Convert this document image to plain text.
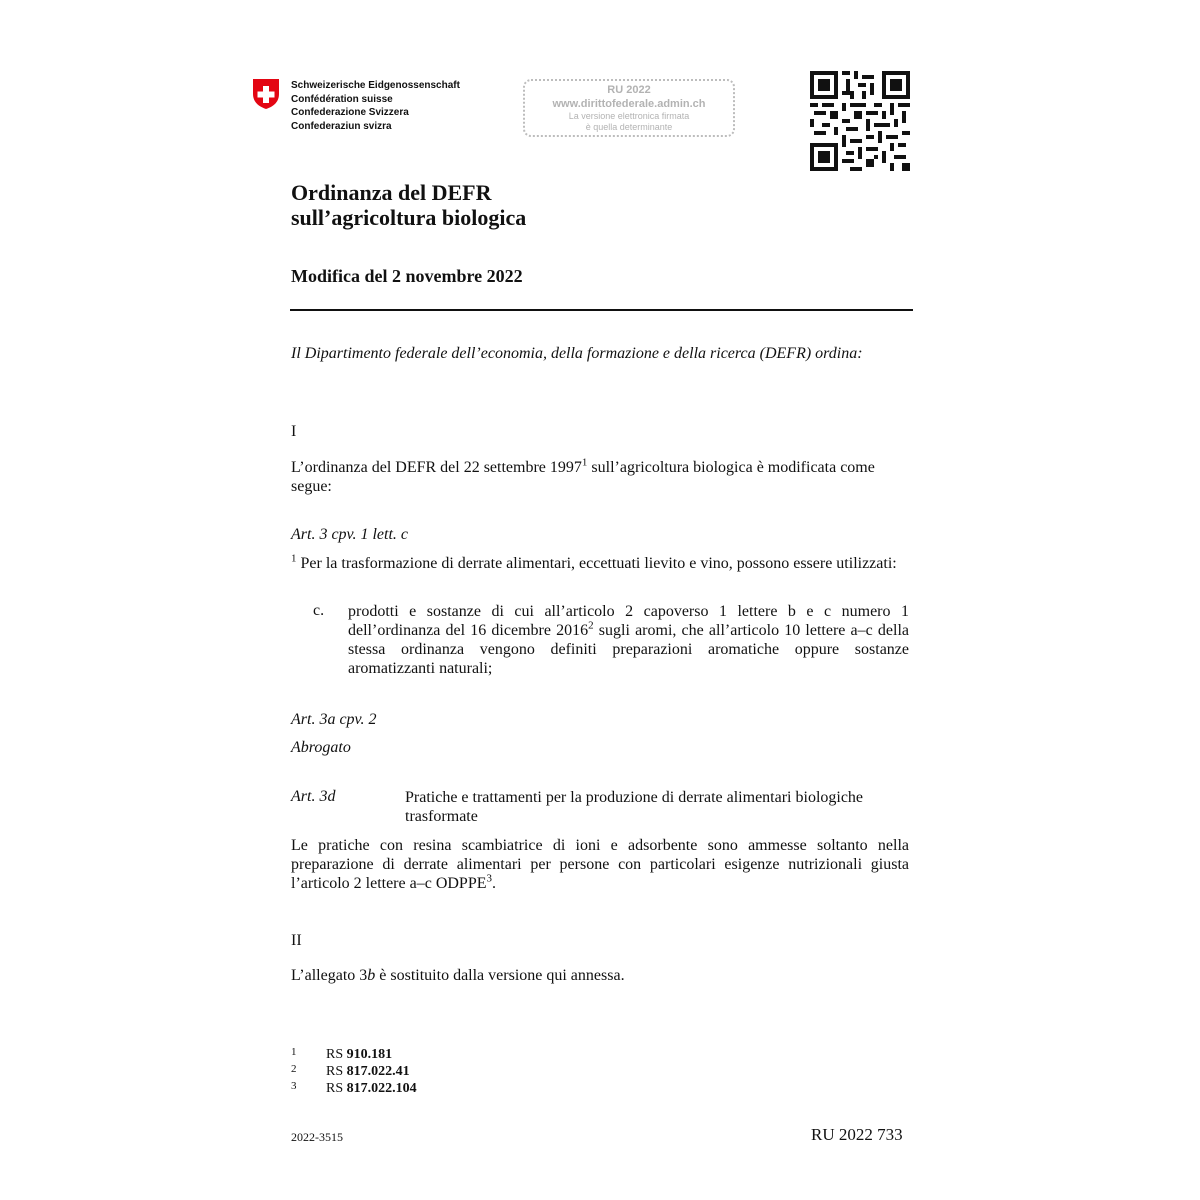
Schweizerische Eidgenossenschaft
Confédération suisse
Confederazione Svizzera
Confederaziun svizra
RU 2022
www.dirittofederale.admin.ch
La versione elettronica firmata
è quella determinante
Ordinanza del DEFR
sull’agricoltura biologica
Modifica del 2 novembre 2022
Il Dipartimento federale dell’economia, della formazione e della ricerca (DEFR) ordina:
I
L’ordinanza del DEFR del 22 settembre 1997$^1$ sull’agricoltura biologica è modificata come segue:
Art. 3 cpv. 1 lett. c
$^1$ Per la trasformazione di derrate alimentari, eccettuati lievito e vino, possono essere utilizzati:
c. prodotti e sostanze di cui all’articolo 2 capoverso 1 lettere b e c numero 1 dell’ordinanza del 16 dicembre 2016$^2$ sugli aromi, che all’articolo 10 lettere a–c della stessa ordinanza vengono definiti preparazioni aromatiche oppure sostanze aromatizzanti naturali;
Art. 3a cpv. 2
Abrogato
Art. 3d	Pratiche e trattamenti per la produzione di derrate alimentari biologiche trasformate
Le pratiche con resina scambiatrice di ioni e adsorbente sono ammesse soltanto nella preparazione di derrate alimentari per persone con particolari esigenze nutrizionali giusta l’articolo 2 lettere a–c ODPPE$^3$.
II
L’allegato 3b è sostituito dalla versione qui annessa.
1 RS 910.181
2 RS 817.022.41
3 RS 817.022.104
2022-3515	RU 2022 733
